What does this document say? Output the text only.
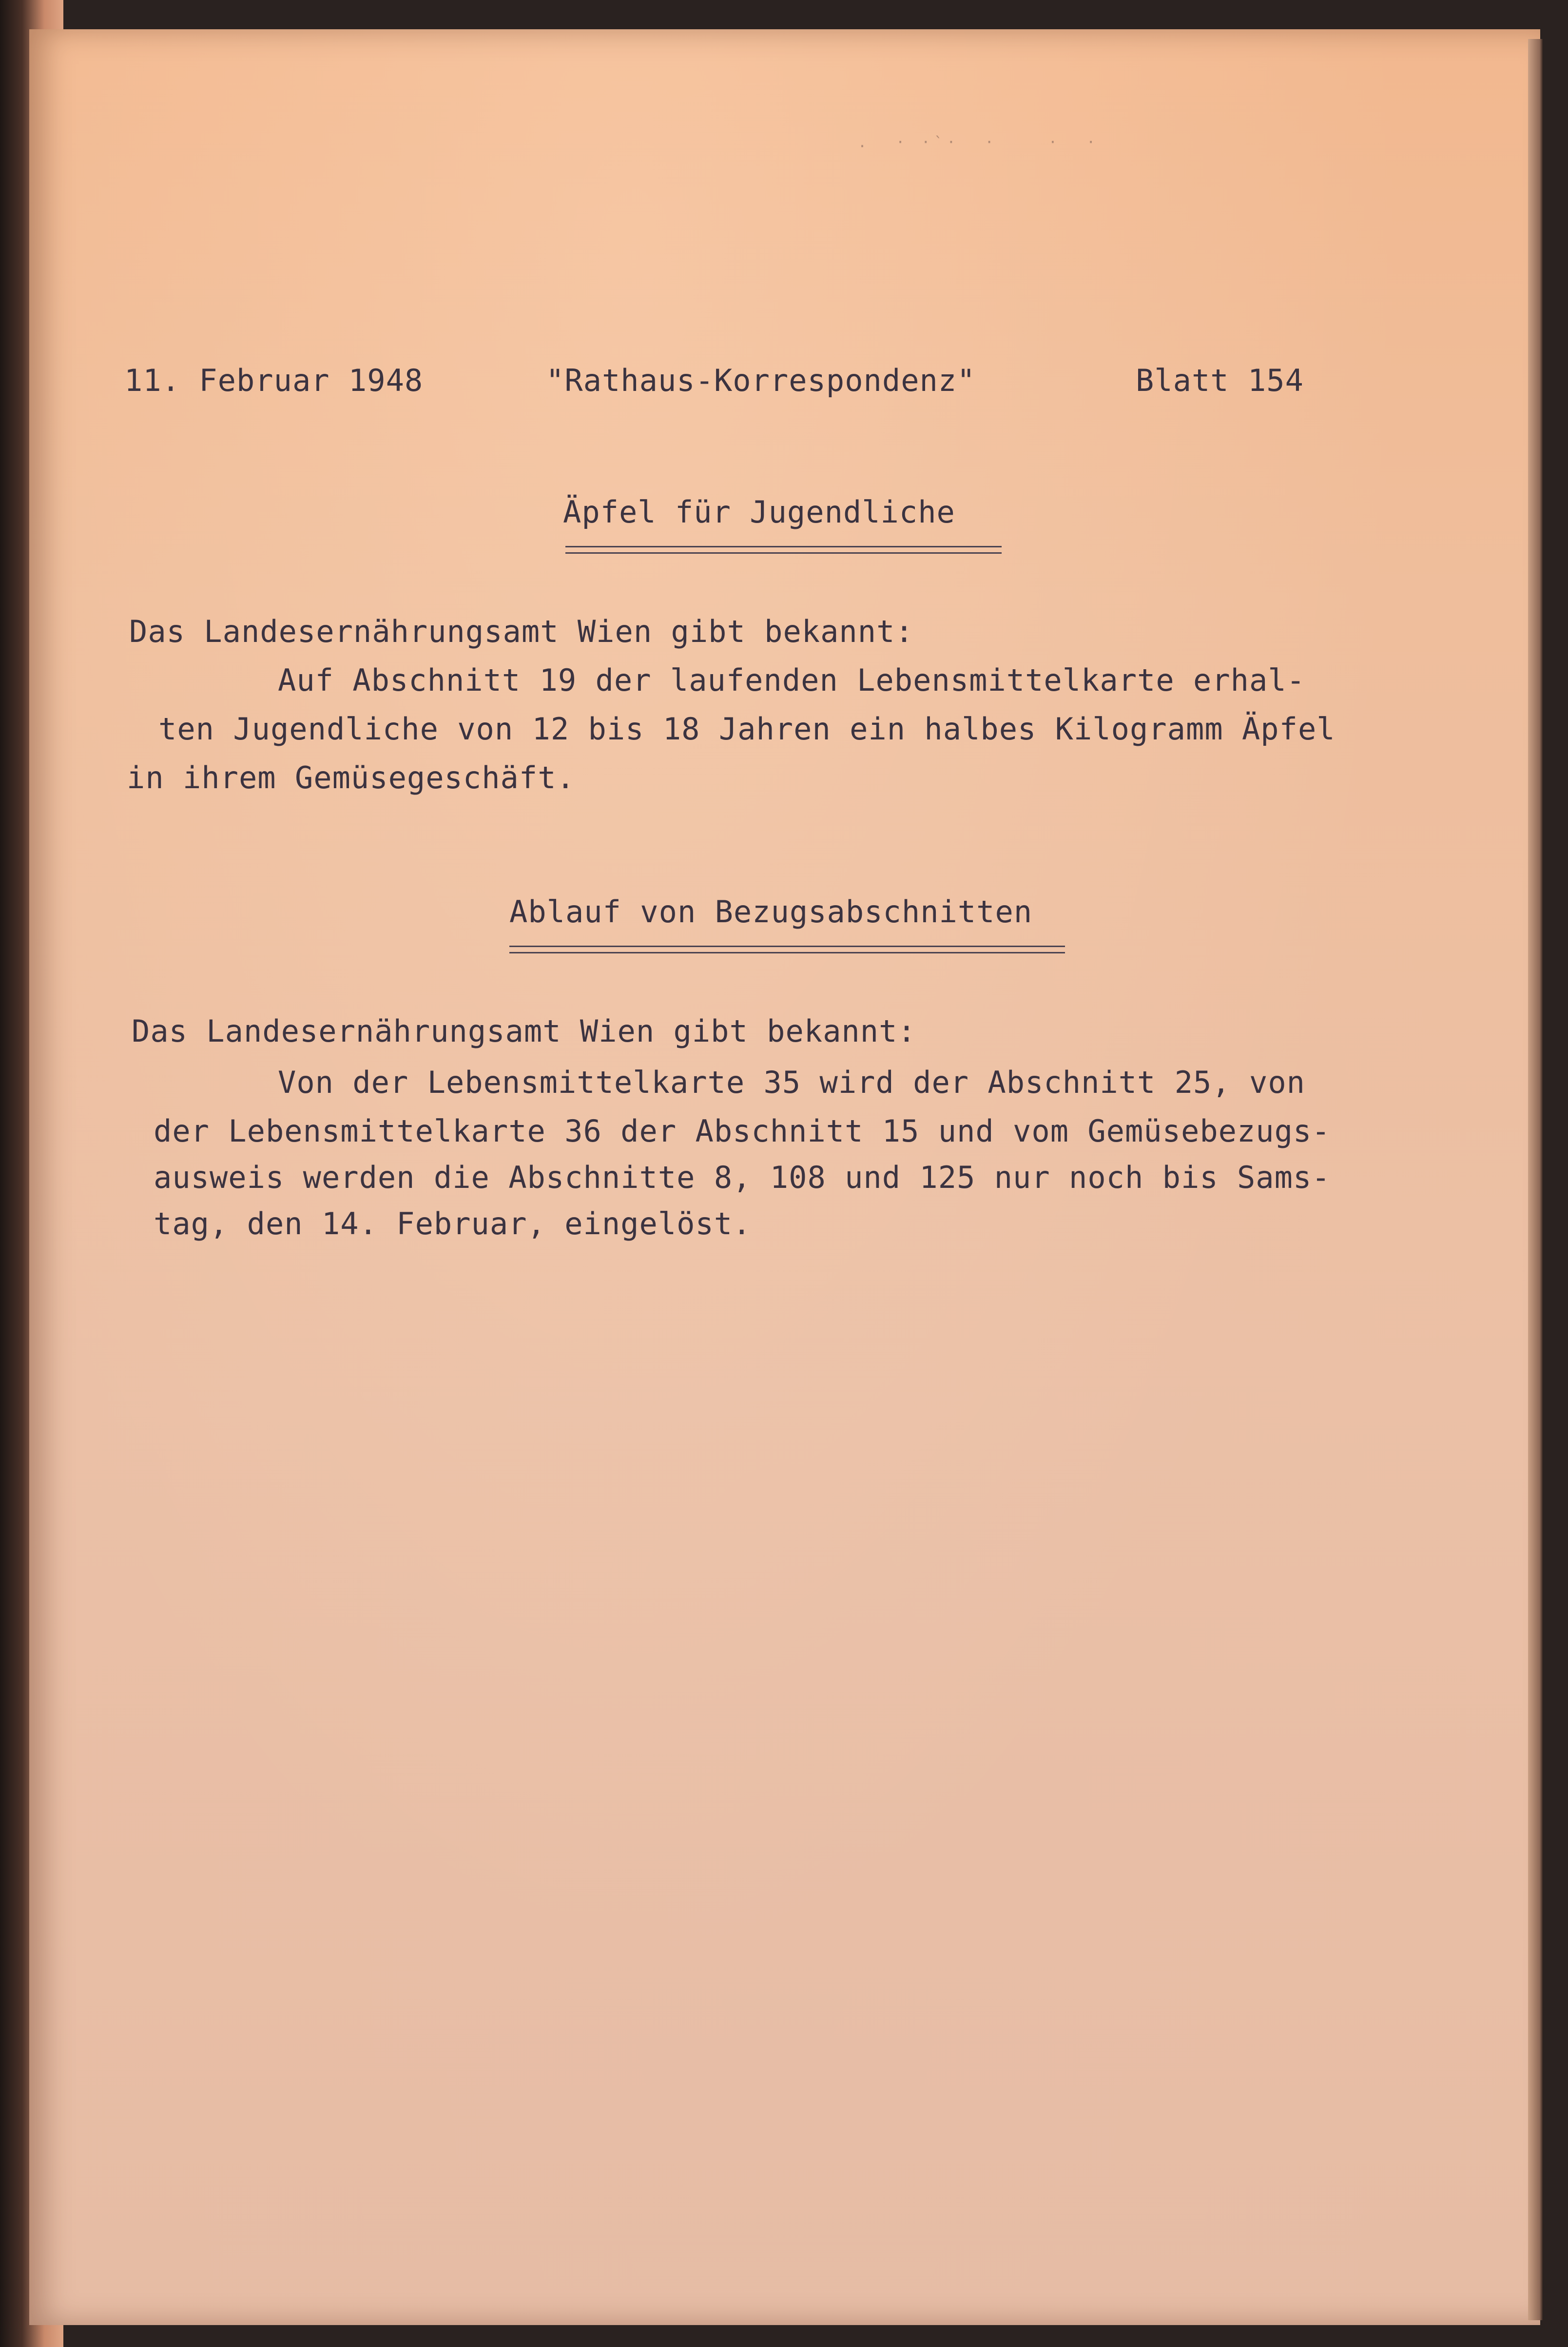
.  · ·`·  ·    ·  ·
11. Februar 1948	"Rathaus-Korrespondenz"	Blatt 154
Äpfel für Jugendliche
Das Landesernährungsamt Wien gibt bekannt:
Auf Abschnitt 19 der laufenden Lebensmittelkarte erhal-
ten Jugendliche von 12 bis 18 Jahren ein halbes Kilogramm Äpfel
in ihrem Gemüsegeschäft.
Ablauf von Bezugsabschnitten
Das Landesernährungsamt Wien gibt bekannt:
Von der Lebensmittelkarte 35 wird der Abschnitt 25, von
der Lebensmittelkarte 36 der Abschnitt 15 und vom Gemüsebezugs-
ausweis werden die Abschnitte 8, 108 und 125 nur noch bis Sams-
tag, den 14. Februar, eingelöst.
